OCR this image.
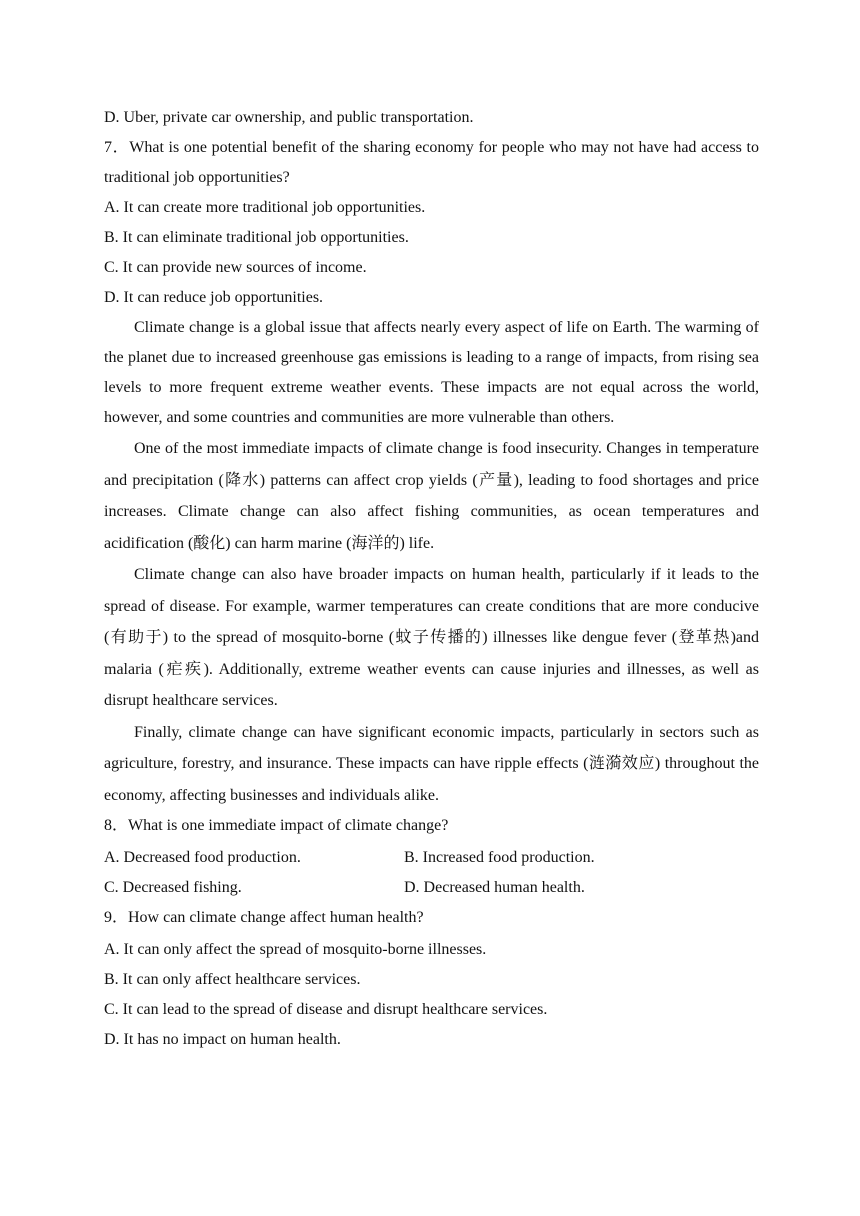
D. Uber, private car ownership, and public transportation.
7．What is one potential benefit of the sharing economy for people who may not have had access to traditional job opportunities?
A. It can create more traditional job opportunities.
B. It can eliminate traditional job opportunities.
C. It can provide new sources of income.
D. It can reduce job opportunities.
Climate change is a global issue that affects nearly every aspect of life on Earth. The warming of the planet due to increased greenhouse gas emissions is leading to a range of impacts, from rising sea levels to more frequent extreme weather events. These impacts are not equal across the world, however, and some countries and communities are more vulnerable than others.
One of the most immediate impacts of climate change is food insecurity. Changes in temperature and precipitation (降水) patterns can affect crop yields (产量), leading to food shortages and price increases. Climate change can also affect fishing communities, as ocean temperatures and acidification (酸化) can harm marine (海洋的) life.
Climate change can also have broader impacts on human health, particularly if it leads to the spread of disease. For example, warmer temperatures can create conditions that are more conducive (有助于) to the spread of mosquito-borne (蚊子传播的) illnesses like dengue fever (登革热)and malaria (疟疾). Additionally, extreme weather events can cause injuries and illnesses, as well as disrupt healthcare services.
Finally, climate change can have significant economic impacts, particularly in sectors such as agriculture, forestry, and insurance. These impacts can have ripple effects (涟漪效应) throughout the economy, affecting businesses and individuals alike.
8．What is one immediate impact of climate change?
A. Decreased food production.	B. Increased food production.
C. Decreased fishing.	D. Decreased human health.
9．How can climate change affect human health?
A. It can only affect the spread of mosquito-borne illnesses.
B. It can only affect healthcare services.
C. It can lead to the spread of disease and disrupt healthcare services.
D. It has no impact on human health.
